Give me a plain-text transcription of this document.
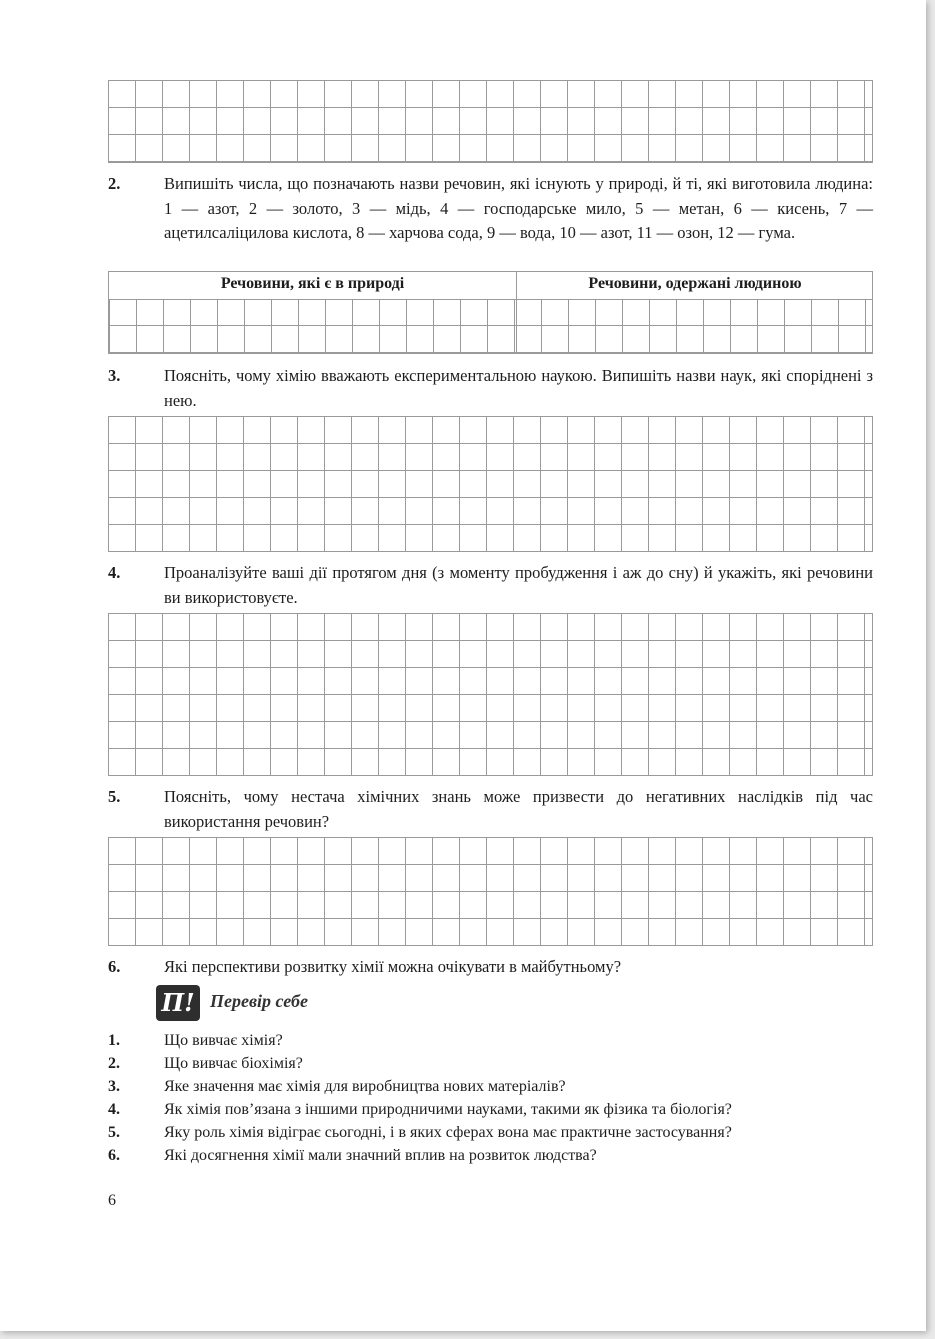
2.	Випишіть числа, що позначають назви речовин, які існують у природі, й ті, які виготовила людина: 1 — азот, 2 — золото, 3 — мідь, 4 — господарське мило, 5 — метан, 6 — кисень, 7 — ацетилсаліцилова кислота, 8 — харчова сода, 9 — вода, 10 — азот, 11 — озон, 12 — гума.
Речовини, які є в природі	Речовини, одержані людиною
3.	Поясніть, чому хімію вважають експериментальною наукою. Випишіть назви наук, які споріднені з нею.
4.	Проаналізуйте ваші дії протягом дня (з моменту пробудження і аж до сну) й укажіть, які речовини ви використовуєте.
5.	Поясніть, чому нестача хімічних знань може призвести до негативних наслідків під час використання речовин?
6.	Які перспективи розвитку хімії можна очікувати в майбутньому?
П! Перевір себе
1.	Що вивчає хімія?
2.	Що вивчає біохімія?
3.	Яке значення має хімія для виробництва нових матеріалів?
4.	Як хімія пов’язана з іншими природничими науками, такими як фізика та біологія?
5.	Яку роль хімія відіграє сьогодні, і в яких сферах вона має практичне застосування?
6.	Які досягнення хімії мали значний вплив на розвиток людства?
6
